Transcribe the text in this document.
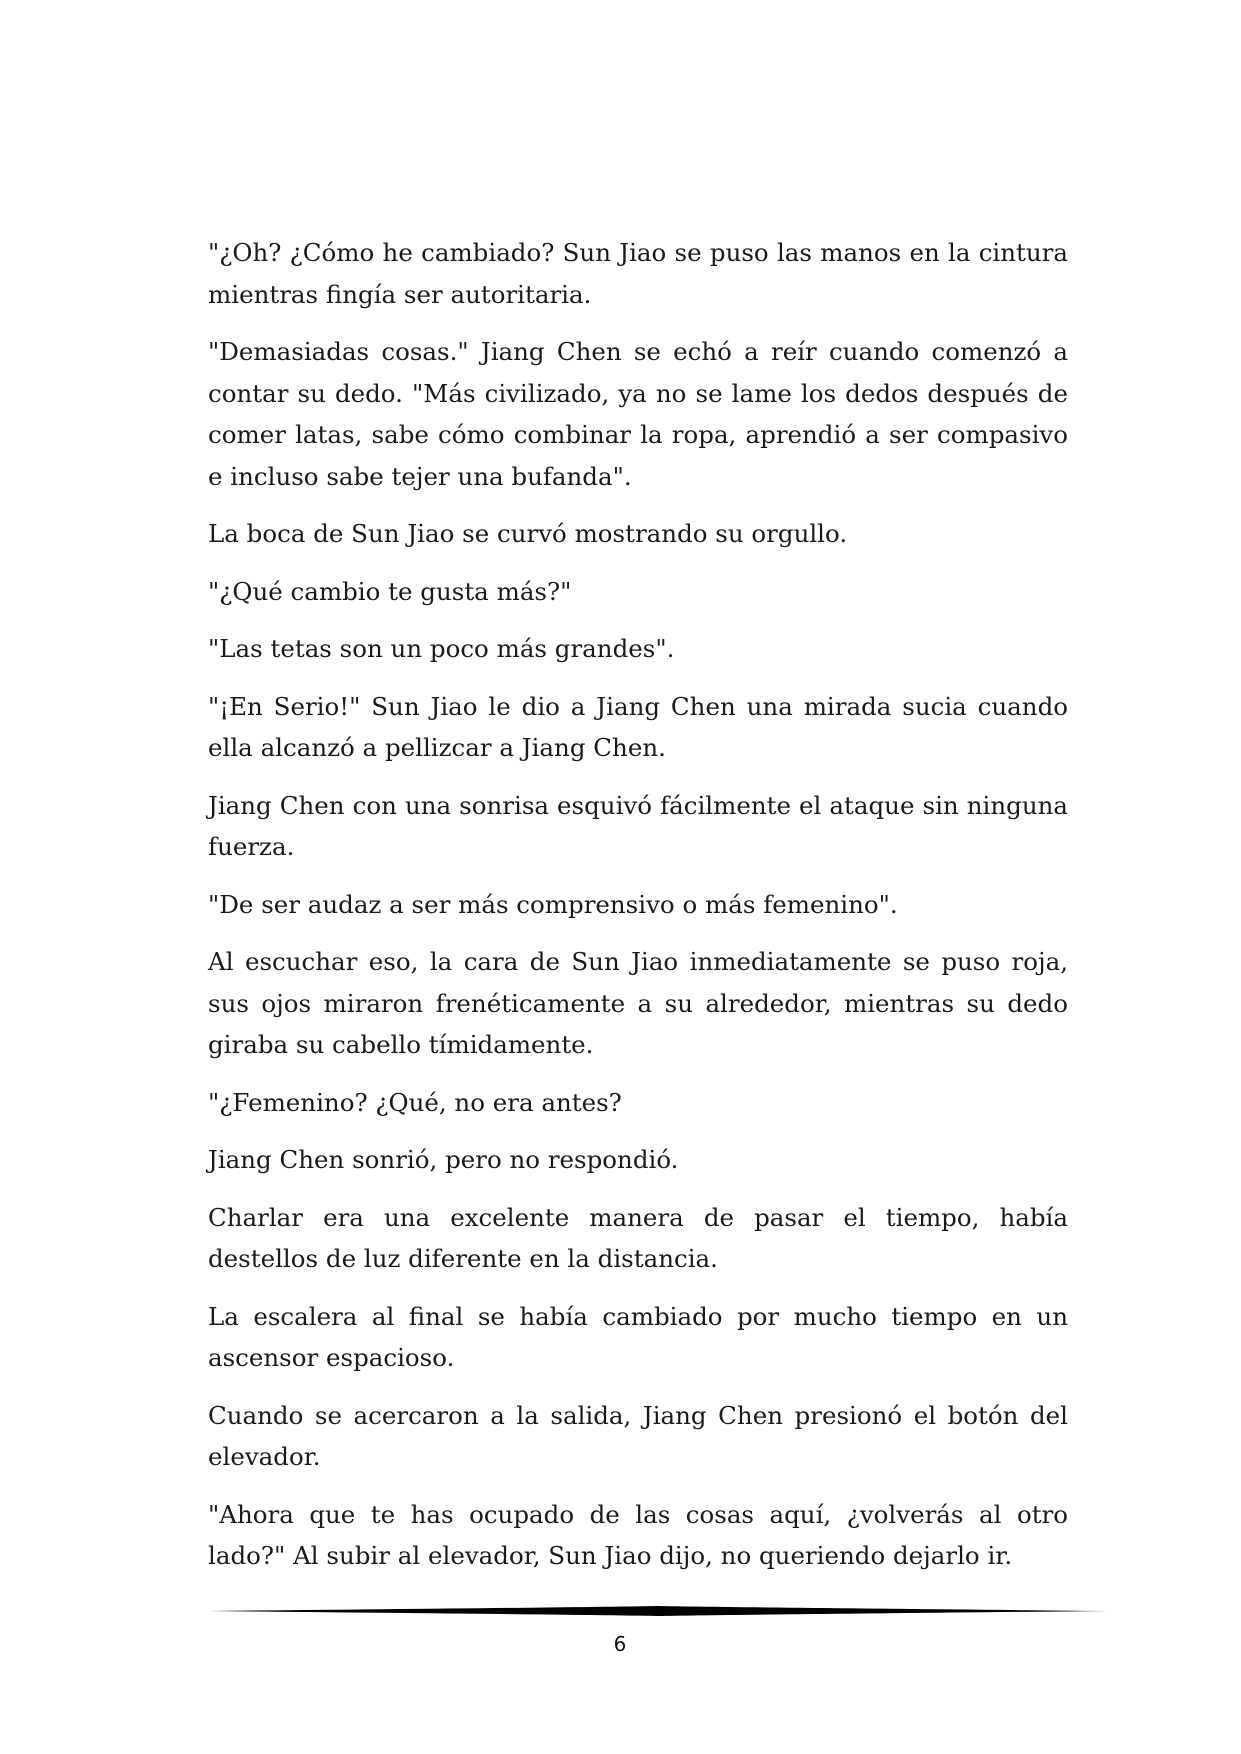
"¿Oh? ¿Cómo he cambiado? Sun Jiao se puso las manos en la cintura mientras fingía ser autoritaria.

"Demasiadas cosas." Jiang Chen se echó a reír cuando comenzó a contar su dedo. "Más civilizado, ya no se lame los dedos después de comer latas, sabe cómo combinar la ropa, aprendió a ser compasivo e incluso sabe tejer una bufanda".

La boca de Sun Jiao se curvó mostrando su orgullo.

"¿Qué cambio te gusta más?"

"Las tetas son un poco más grandes".

"¡En Serio!" Sun Jiao le dio a Jiang Chen una mirada sucia cuando ella alcanzó a pellizcar a Jiang Chen.

Jiang Chen con una sonrisa esquivó fácilmente el ataque sin ninguna fuerza.

"De ser audaz a ser más comprensivo o más femenino".

Al escuchar eso, la cara de Sun Jiao inmediatamente se puso roja, sus ojos miraron frenéticamente a su alrededor, mientras su dedo giraba su cabello tímidamente.

"¿Femenino? ¿Qué, no era antes?

Jiang Chen sonrió, pero no respondió.

Charlar era una excelente manera de pasar el tiempo, había destellos de luz diferente en la distancia.

La escalera al final se había cambiado por mucho tiempo en un ascensor espacioso.

Cuando se acercaron a la salida, Jiang Chen presionó el botón del elevador.

"Ahora que te has ocupado de las cosas aquí, ¿volverás al otro lado?" Al subir al elevador, Sun Jiao dijo, no queriendo dejarlo ir.

6
